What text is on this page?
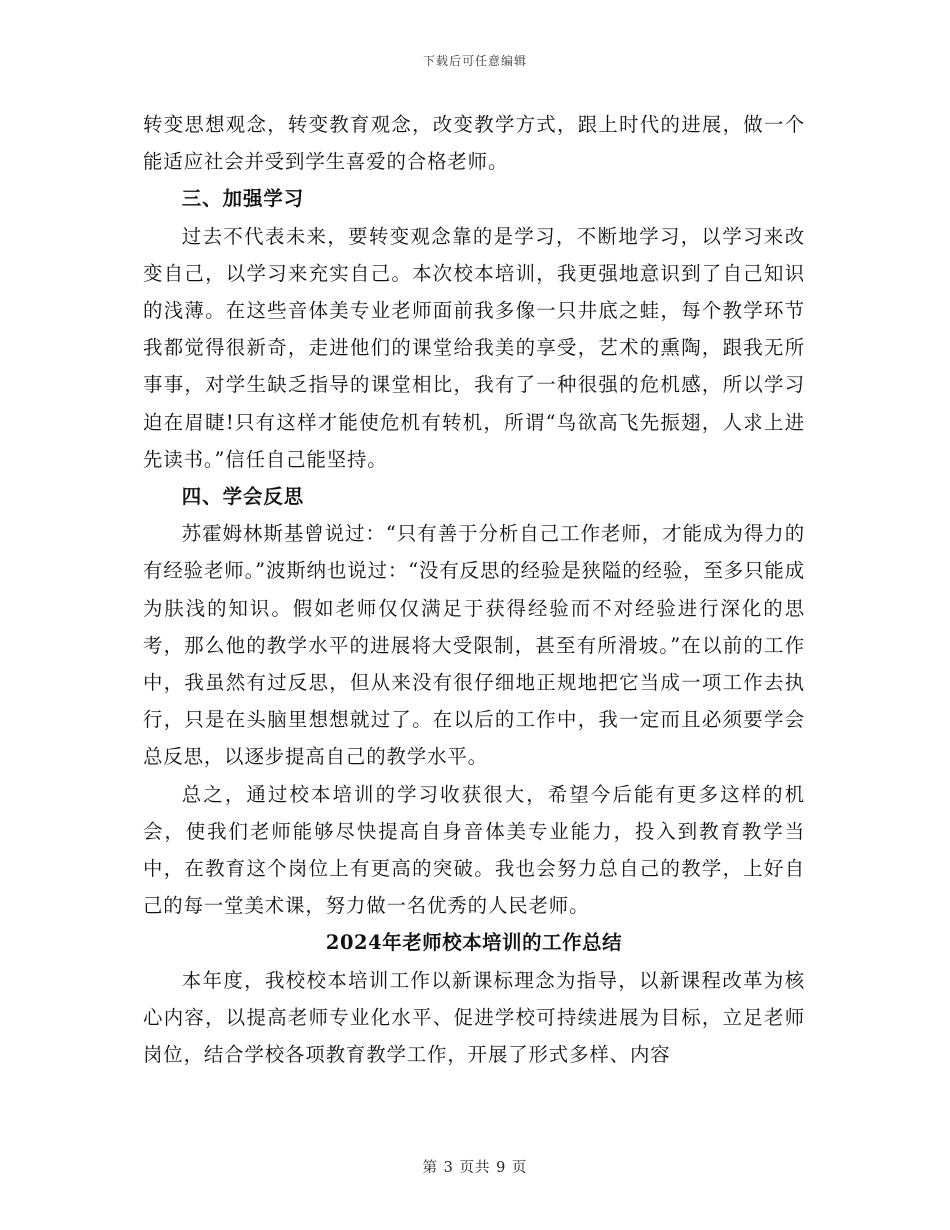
下载后可任意编辑

转变思想观念，转变教育观念，改变教学方式，跟上时代的进展，做一个能适应社会并受到学生喜爱的合格老师。

三、加强学习

过去不代表未来，要转变观念靠的是学习，不断地学习，以学习来改变自己，以学习来充实自己。本次校本培训，我更强地意识到了自己知识的浅薄。在这些音体美专业老师面前我多像一只井底之蛙，每个教学环节我都觉得很新奇，走进他们的课堂给我美的享受，艺术的熏陶，跟我无所事事，对学生缺乏指导的课堂相比，我有了一种很强的危机感，所以学习迫在眉睫!只有这样才能使危机有转机，所谓“鸟欲高飞先振翅，人求上进先读书。”信任自己能坚持。

四、学会反思

苏霍姆林斯基曾说过：“只有善于分析自己工作老师，才能成为得力的有经验老师。”波斯纳也说过：“没有反思的经验是狭隘的经验，至多只能成为肤浅的知识。假如老师仅仅满足于获得经验而不对经验进行深化的思考，那么他的教学水平的进展将大受限制，甚至有所滑坡。”在以前的工作中，我虽然有过反思，但从来没有很仔细地正规地把它当成一项工作去执行，只是在头脑里想想就过了。在以后的工作中，我一定而且必须要学会总反思，以逐步提高自己的教学水平。

总之，通过校本培训的学习收获很大，希望今后能有更多这样的机会，使我们老师能够尽快提高自身音体美专业能力，投入到教育教学当中，在教育这个岗位上有更高的突破。我也会努力总自己的教学，上好自己的每一堂美术课，努力做一名优秀的人民老师。

2024年老师校本培训的工作总结

本年度，我校校本培训工作以新课标理念为指导，以新课程改革为核心内容，以提高老师专业化水平、促进学校可持续进展为目标，立足老师岗位，结合学校各项教育教学工作，开展了形式多样、内容

第 3 页共 9 页
